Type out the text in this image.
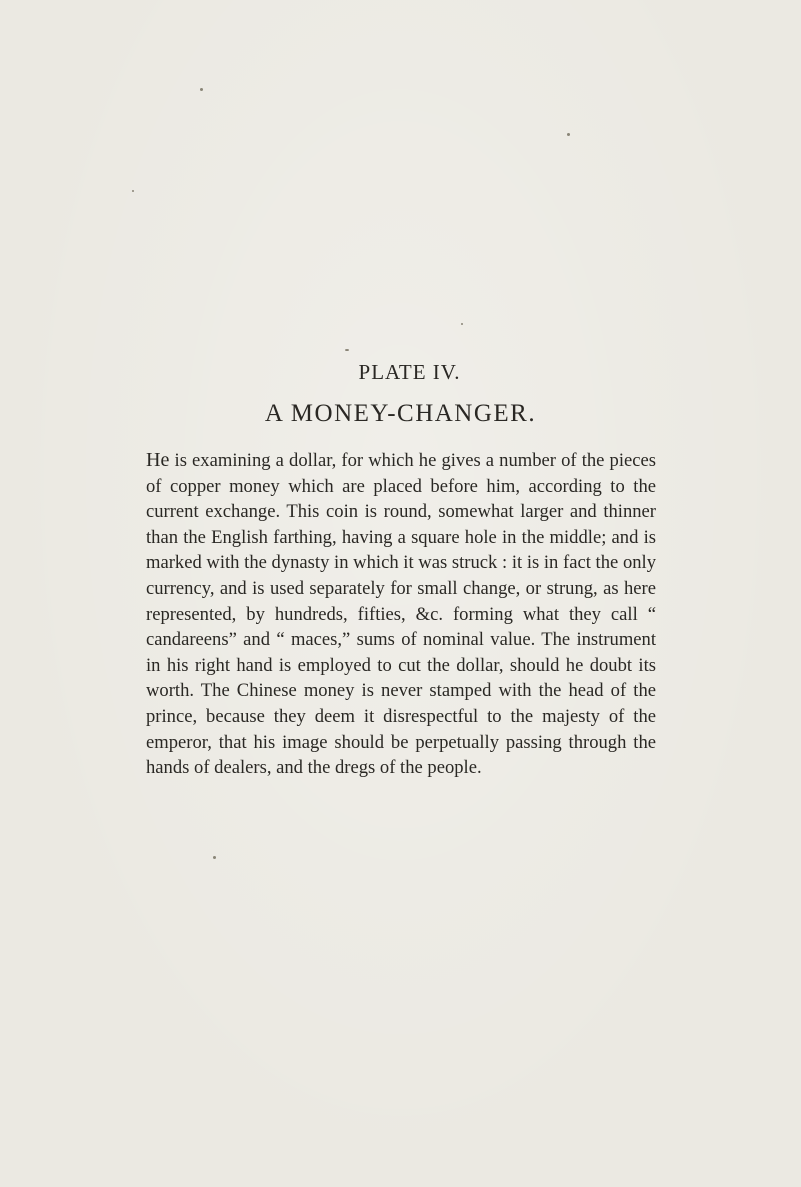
PLATE IV.
A MONEY-CHANGER.

He is examining a dollar, for which he gives a number of the pieces of copper money which are placed before him, according to the current exchange. This coin is round, somewhat larger and thinner than the English farthing, having a square hole in the middle; and is marked with the dynasty in which it was struck : it is in fact the only currency, and is used separately for small change, or strung, as here represented, by hundreds, fifties, &c. forming what they call “ candareens” and “ maces,” sums of nominal value. The instrument in his right hand is employed to cut the dollar, should he doubt its worth. The Chinese money is never stamped with the head of the prince, because they deem it disrespectful to the majesty of the emperor, that his image should be perpetually passing through the hands of dealers, and the dregs of the people.
